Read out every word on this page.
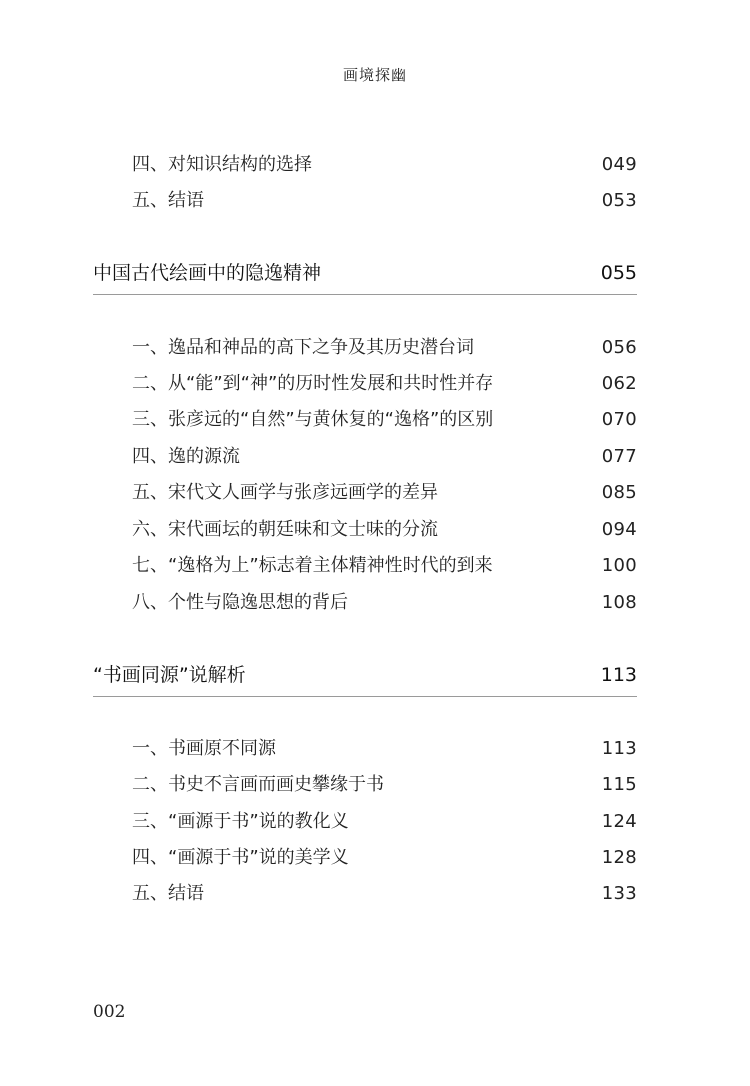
画境探幽
四、对知识结构的选择	049
五、结语	053
中国古代绘画中的隐逸精神	055
一、逸品和神品的高下之争及其历史潜台词	056
二、从“能”到“神”的历时性发展和共时性并存	062
三、张彦远的“自然”与黄休复的“逸格”的区别	070
四、逸的源流	077
五、宋代文人画学与张彦远画学的差异	085
六、宋代画坛的朝廷味和文士味的分流	094
七、“逸格为上”标志着主体精神性时代的到来	100
八、个性与隐逸思想的背后	108
“书画同源”说解析	113
一、书画原不同源	113
二、书史不言画而画史攀缘于书	115
三、“画源于书”说的教化义	124
四、“画源于书”说的美学义	128
五、结语	133
002
